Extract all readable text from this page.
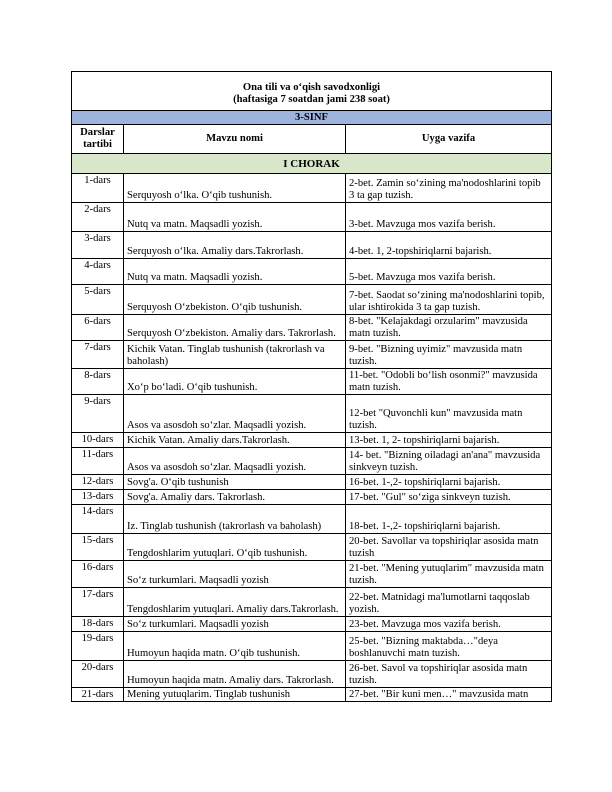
Ona tili va o‘qish savodxonligi
(haftasiga 7 soatdan jami 238 soat)		

3-SINF		
Darslar tartibi	Mavzu nomi	Uyga vazifa
I CHORAK		
1-dars	Serquyosh o‘lka. O‘qib tushunish.	2-bet. Zamin so‘zining ma'nodoshlarini topib 3 ta gap tuzish.
2-dars	Nutq va matn. Maqsadli yozish.	3-bet. Mavzuga mos vazifa berish.
3-dars	Serquyosh o‘lka. Amaliy dars.Takrorlash.	4-bet. 1, 2-topshiriqlarni bajarish.
4-dars	Nutq va matn. Maqsadli yozish.	5-bet. Mavzuga mos vazifa berish.
5-dars	Serquyosh O‘zbekiston. O‘qib tushunish.	7-bet. Saodat so‘zining ma'nodoshlarini topib, ular ishtirokida 3 ta gap tuzish.
6-dars	Serquyosh O‘zbekiston. Amaliy dars. Takrorlash.	8-bet. "Kelajakdagi orzularim" mavzusida matn tuzish.
7-dars	Kichik Vatan. Tinglab tushunish (takrorlash va baholash)	9-bet. "Bizning uyimiz" mavzusida matn tuzish.
8-dars	Xo‘p bo‘ladi. O‘qib tushunish.	11-bet. "Odobli bo‘lish osonmi?" mavzusida matn tuzish.
9-dars	Asos va asosdoh so‘zlar. Maqsadli yozish.	12-bet "Quvonchli kun" mavzusida matn tuzish.
10-dars	Kichik Vatan. Amaliy dars.Takrorlash.	13-bet. 1, 2- topshiriqlarni bajarish.
11-dars	Asos va asosdoh so‘zlar. Maqsadli yozish.	14- bet. "Bizning oiladagi an'ana" mavzusida sinkveyn tuzish.
12-dars	Sovg'a. O‘qib tushunish	16-bet. 1-,2- topshiriqlarni bajarish.
13-dars	Sovg'a. Amaliy dars. Takrorlash.	17-bet. "Gul" so‘ziga sinkveyn tuzish.
14-dars	Iz. Tinglab tushunish (takrorlash va baholash)	18-bet. 1-,2- topshiriqlarni bajarish.
15-dars	Tengdoshlarim yutuqlari. O‘qib tushunish.	20-bet. Savollar va topshiriqlar asosida matn tuzish
16-dars	So‘z turkumlari. Maqsadli yozish	21-bet. "Mening yutuqlarim" mavzusida matn tuzish.
17-dars	Tengdoshlarim yutuqlari. Amaliy dars.Takrorlash.	22-bet. Matnidagi ma'lumotlarni taqqoslab yozish.
18-dars	So‘z turkumlari. Maqsadli yozish	23-bet. Mavzuga mos vazifa berish.
19-dars	Humoyun haqida matn. O‘qib tushunish.	25-bet. "Bizning maktabda…"deya boshlanuvchi matn tuzish.
20-dars	Humoyun haqida matn. Amaliy dars. Takrorlash.	26-bet. Savol va topshiriqlar asosida matn tuzish.
21-dars	Mening yutuqlarim. Tinglab tushunish	27-bet. "Bir kuni men…" mavzusida matn
